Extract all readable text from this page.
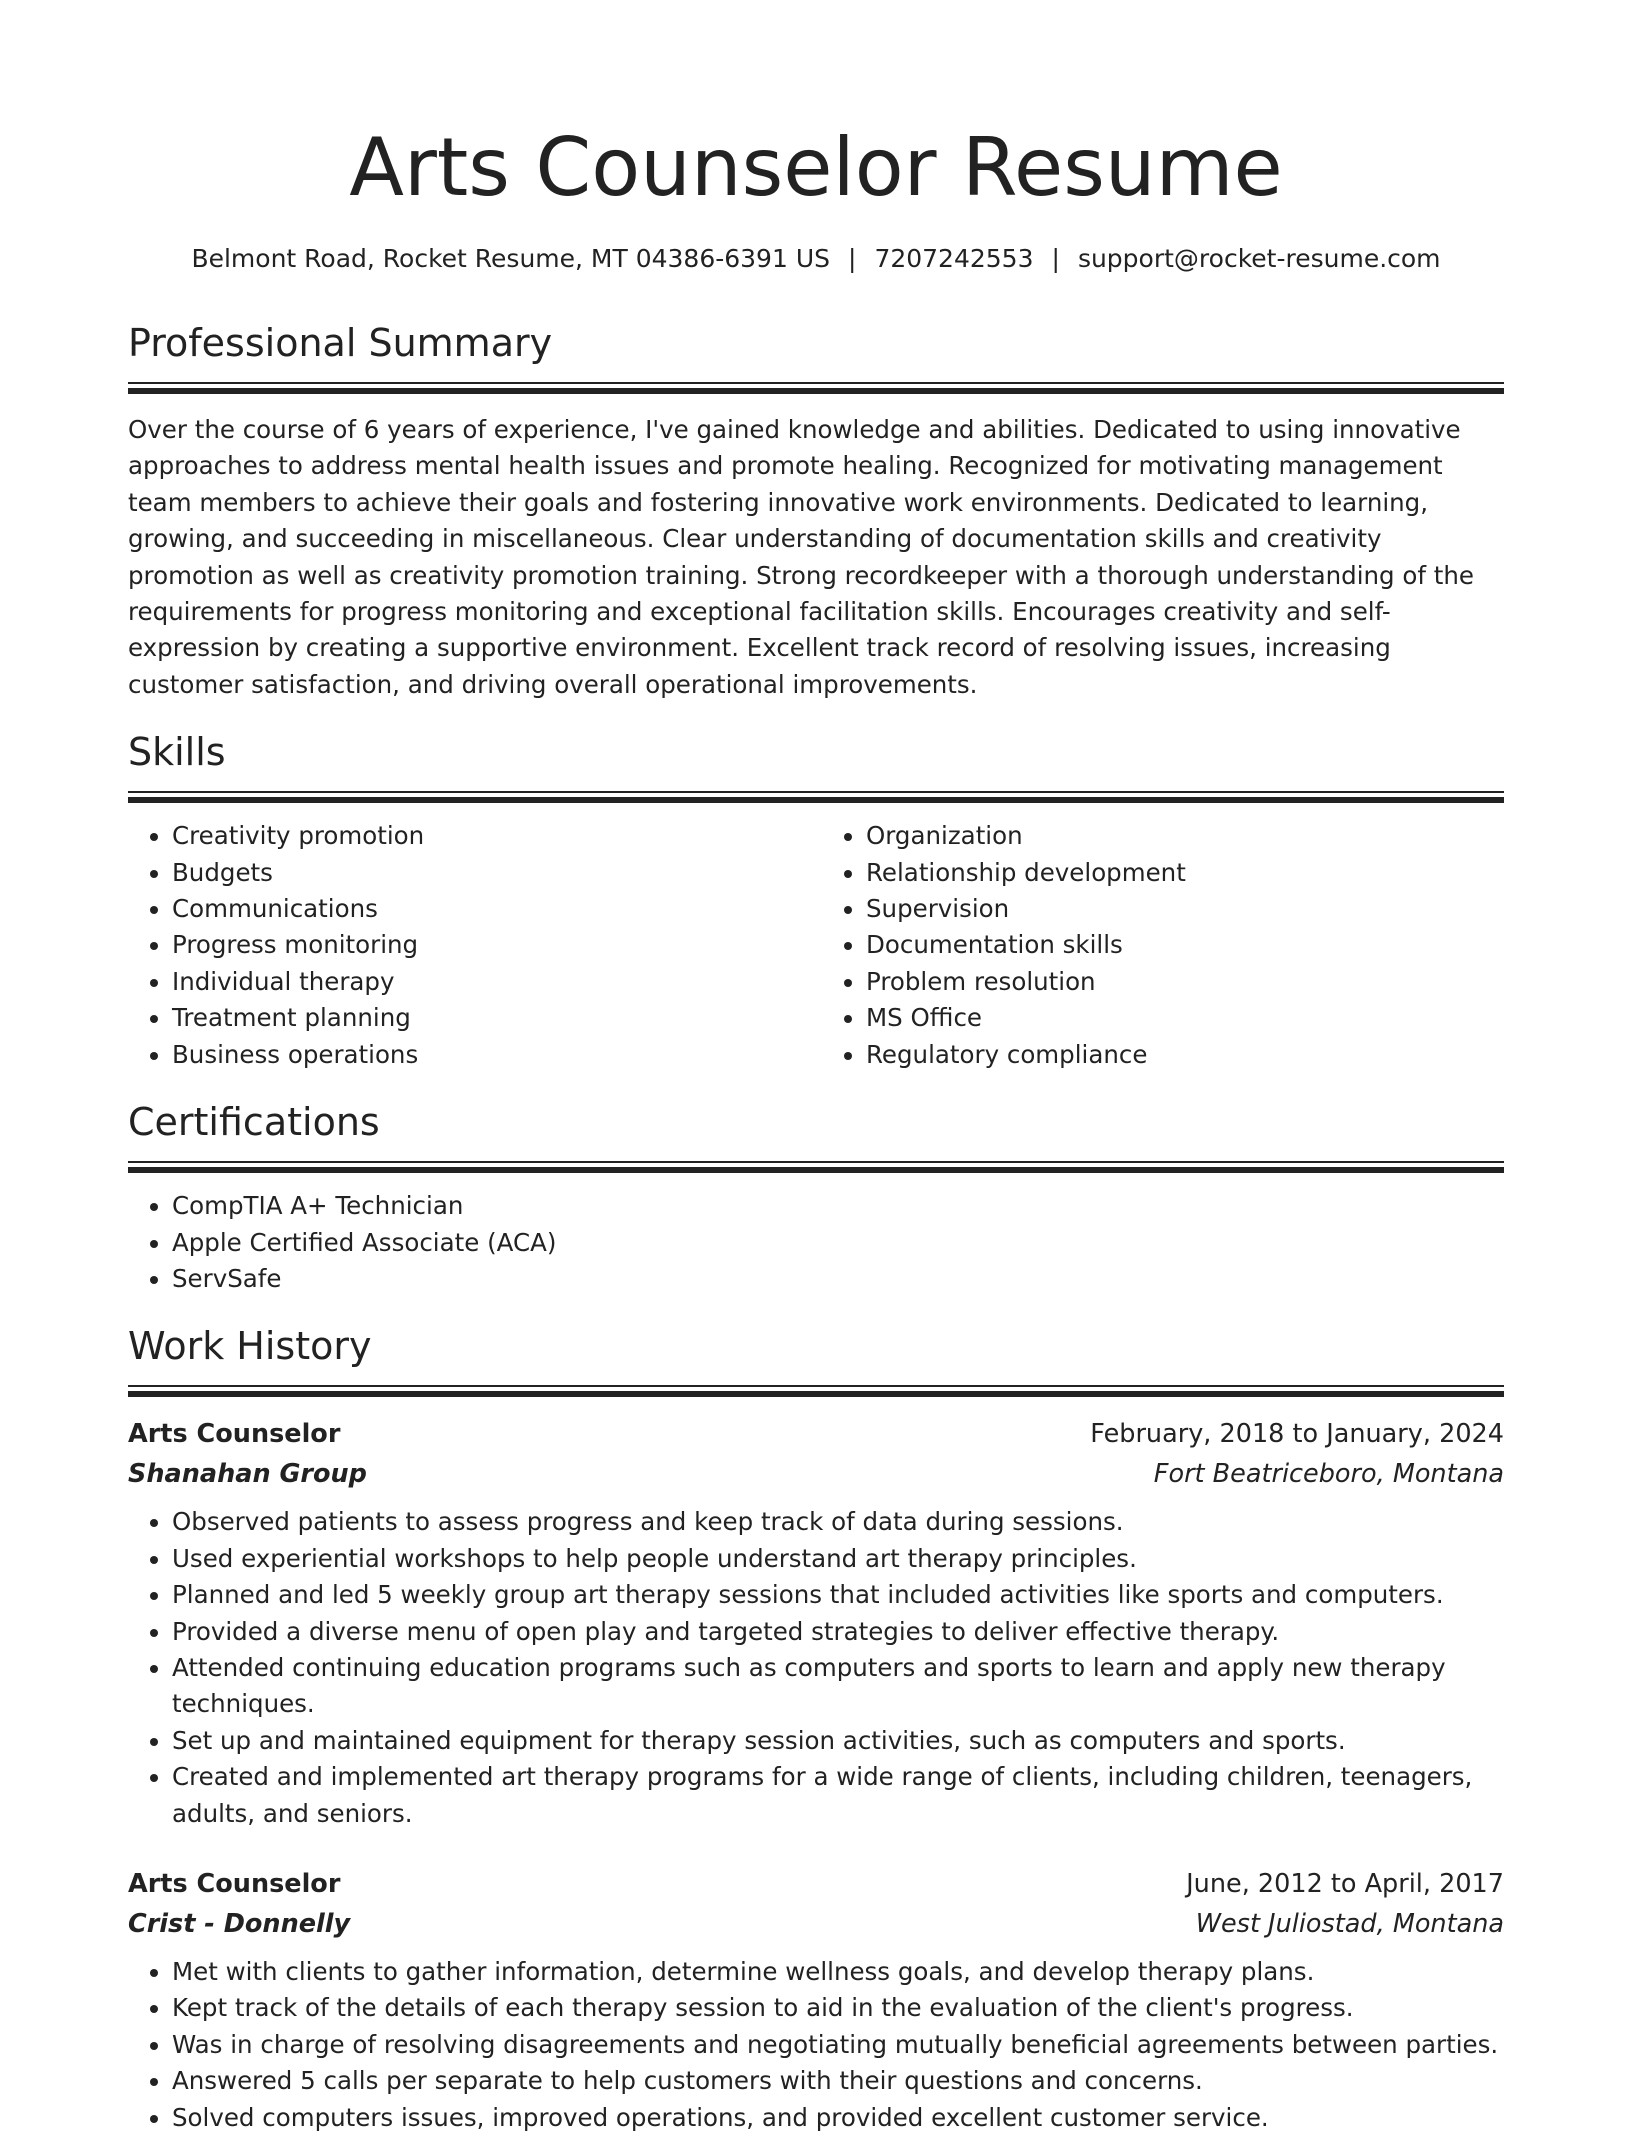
Arts Counselor Resume
Belmont Road, Rocket Resume, MT 04386-6391 US | 7207242553 | support@rocket-resume.com
Professional Summary

Over the course of 6 years of experience, I've gained knowledge and abilities. Dedicated to using innovative approaches to address mental health issues and promote healing. Recognized for motivating management team members to achieve their goals and fostering innovative work environments. Dedicated to learning, growing, and succeeding in miscellaneous. Clear understanding of documentation skills and creativity promotion as well as creativity promotion training. Strong recordkeeper with a thorough understanding of the requirements for progress monitoring and exceptional facilitation skills. Encourages creativity and self-expression by creating a supportive environment. Excellent track record of resolving issues, increasing customer satisfaction, and driving overall operational improvements.

Skills
• Creativity promotion
• Budgets
• Communications
• Progress monitoring
• Individual therapy
• Treatment planning
• Business operations
• Organization
• Relationship development
• Supervision
• Documentation skills
• Problem resolution
• MS Office
• Regulatory compliance
Certifications
• CompTIA A+ Technician
• Apple Certified Associate (ACA)
• ServSafe
Work History
Arts Counselor	February, 2018 to January, 2024
Shanahan Group	Fort Beatriceboro, Montana
• Observed patients to assess progress and keep track of data during sessions.
• Used experiential workshops to help people understand art therapy principles.
• Planned and led 5 weekly group art therapy sessions that included activities like sports and computers.
• Provided a diverse menu of open play and targeted strategies to deliver effective therapy.
• Attended continuing education programs such as computers and sports to learn and apply new therapy techniques.
• Set up and maintained equipment for therapy session activities, such as computers and sports.
• Created and implemented art therapy programs for a wide range of clients, including children, teenagers, adults, and seniors.
Arts Counselor	June, 2012 to April, 2017
Crist - Donnelly	West Juliostad, Montana
• Met with clients to gather information, determine wellness goals, and develop therapy plans.
• Kept track of the details of each therapy session to aid in the evaluation of the client's progress.
• Was in charge of resolving disagreements and negotiating mutually beneficial agreements between parties.
• Answered 5 calls per separate to help customers with their questions and concerns.
• Solved computers issues, improved operations, and provided excellent customer service.
